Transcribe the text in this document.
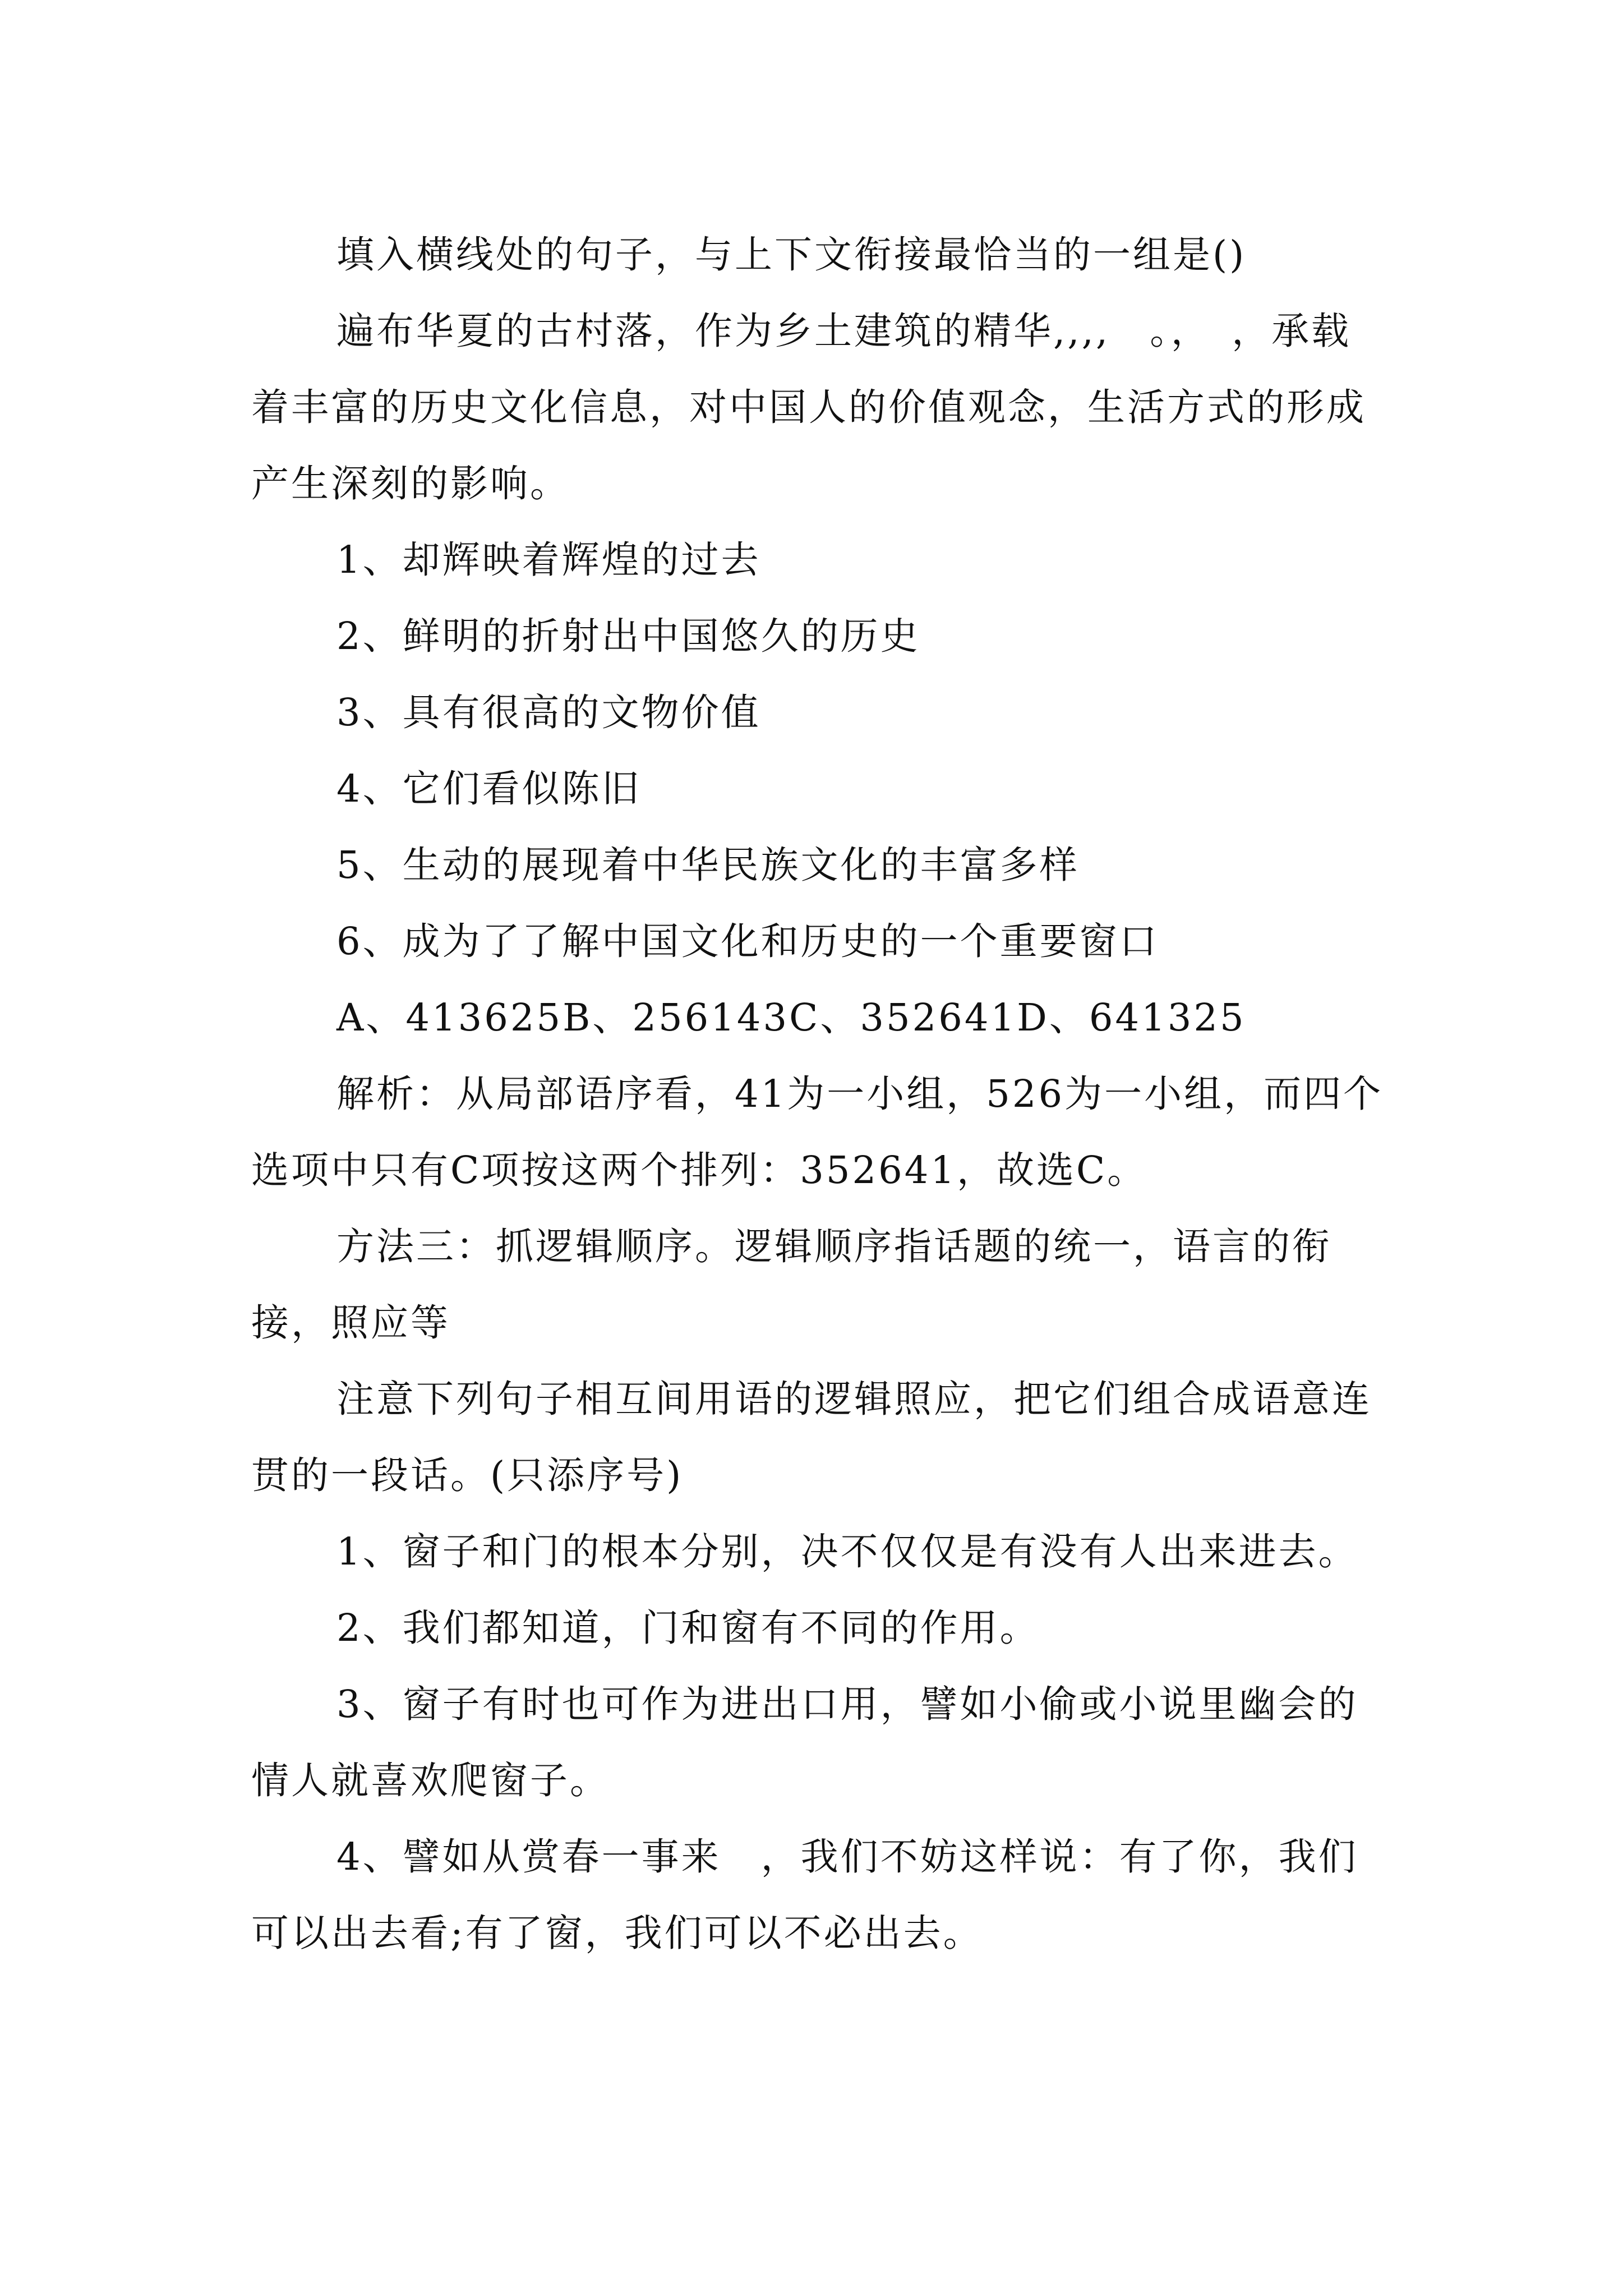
填入横线处的句子，与上下文衔接最恰当的一组是()

遍布华夏的古村落，作为乡土建筑的精华,,,,　。，　，承载着丰富的历史文化信息，对中国人的价值观念，生活方式的形成产生深刻的影响。

1、却辉映着辉煌的过去

2、鲜明的折射出中国悠久的历史

3、具有很高的文物价值

4、它们看似陈旧

5、生动的展现着中华民族文化的丰富多样

6、成为了了解中国文化和历史的一个重要窗口

A、413625B、256143C、352641D、641325

解析：从局部语序看，41为一小组，526为一小组，而四个选项中只有C项按这两个排列：352641，故选C。

方法三：抓逻辑顺序。逻辑顺序指话题的统一，语言的衔接，照应等

注意下列句子相互间用语的逻辑照应，把它们组合成语意连贯的一段话。(只添序号)

1、窗子和门的根本分别，决不仅仅是有没有人出来进去。

2、我们都知道，门和窗有不同的作用。

3、窗子有时也可作为进出口用，譬如小偷或小说里幽会的情人就喜欢爬窗子。

4、譬如从赏春一事来　，我们不妨这样说：有了你，我们可以出去看;有了窗，我们可以不必出去。
